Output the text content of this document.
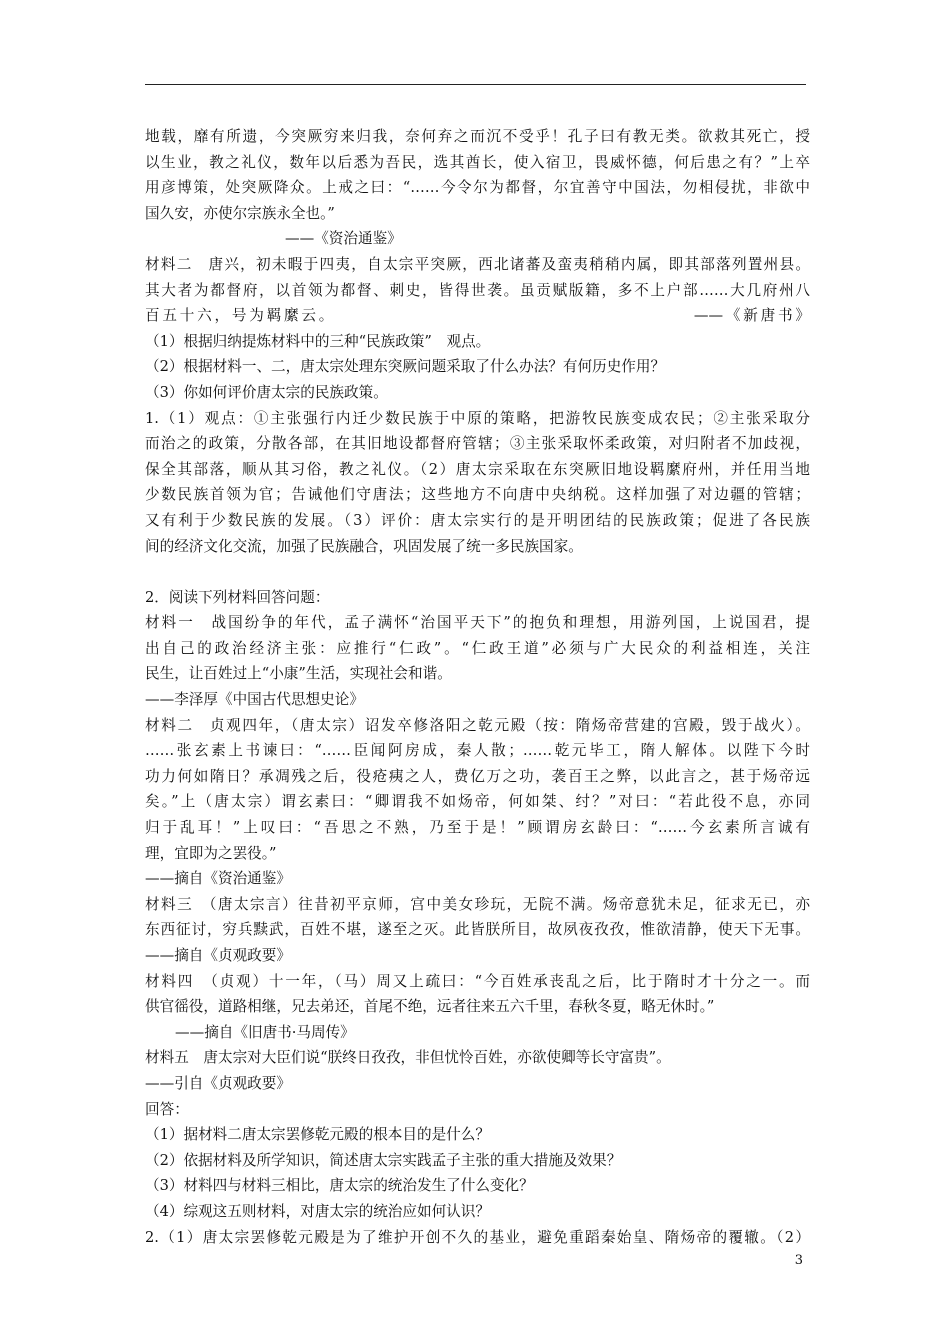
地载，靡有所遗，今突厥穷来归我，奈何弃之而沉不受乎！孔子曰有教无类。欲救其死亡，授
以生业，教之礼仪，数年以后悉为吾民，选其酋长，使入宿卫，畏威怀德，何后患之有？”上卒
用彦博策，处突厥降众。上戒之曰：“……今令尔为都督，尔宜善守中国法，勿相侵扰，非欲中
国久安，亦使尔宗族永全也。”
——《资治通鉴》
材料二　唐兴，初未暇于四夷，自太宗平突厥，西北诸蕃及蛮夷稍稍内属，即其部落列置州县。
其大者为都督府，以首领为都督、刺史，皆得世袭。虽贡赋版籍，多不上户部……大几府州八
百五十六，号为羁縻云。　　　　　　　　　　　　　　　　　　　　　——《新唐书》
（1）根据归纳提炼材料中的三种“民族政策”　观点。
（2）根据材料一、二，唐太宗处理东突厥问题采取了什么办法？有何历史作用？
（3）你如何评价唐太宗的民族政策。
1.（1）观点：①主张强行内迁少数民族于中原的策略，把游牧民族变成农民；②主张采取分
而治之的政策，分散各部，在其旧地设都督府管辖；③主张采取怀柔政策，对归附者不加歧视，
保全其部落，顺从其习俗，教之礼仪。（2）唐太宗采取在东突厥旧地设羁縻府州，并任用当地
少数民族首领为官；告诫他们守唐法；这些地方不向唐中央纳税。这样加强了对边疆的管辖；
又有利于少数民族的发展。（3）评价：唐太宗实行的是开明团结的民族政策；促进了各民族
间的经济文化交流，加强了民族融合，巩固发展了统一多民族国家。
2．阅读下列材料回答问题：
材料一　战国纷争的年代，孟子满怀“治国平天下”的抱负和理想，用游列国，上说国君，提
出自己的政治经济主张：应推行“仁政”。“仁政王道”必须与广大民众的利益相连，关注
民生，让百姓过上“小康”生活，实现社会和谐。
——李泽厚《中国古代思想史论》
材料二　贞观四年，（唐太宗）诏发卒修洛阳之乾元殿（按：隋炀帝营建的宫殿，毁于战火）。
……张玄素上书谏曰：“……臣闻阿房成，秦人散；……乾元毕工，隋人解体。以陛下今时
功力何如隋日？承凋残之后，役疮痍之人，费亿万之功，袭百王之弊，以此言之，甚于炀帝远
矣。”上（唐太宗）谓玄素曰：“卿谓我不如炀帝，何如桀、纣？”对曰：“若此役不息，亦同
归于乱耳！”上叹曰：“吾思之不熟，乃至于是！”顾谓房玄龄曰：“……今玄素所言诚有
理，宜即为之罢役。”
——摘自《资治通鉴》
材料三　（唐太宗言）往昔初平京师，宫中美女珍玩，无院不满。炀帝意犹未足，征求无已，亦
东西征讨，穷兵黩武，百姓不堪，遂至之灭。此皆朕所目，故夙夜孜孜，惟欲清静，使天下无事。
——摘自《贞观政要》
材料四　（贞观）十一年，（马）周又上疏曰：“今百姓承丧乱之后，比于隋时才十分之一。而
供官徭役，道路相继，兄去弟还，首尾不绝，远者往来五六千里，春秋冬夏，略无休时。”
——摘自《旧唐书·马周传》
材料五　唐太宗对大臣们说“朕终日孜孜，非但忧怜百姓，亦欲使卿等长守富贵”。
——引自《贞观政要》
回答：
（1）据材料二唐太宗罢修乾元殿的根本目的是什么？
（2）依据材料及所学知识，简述唐太宗实践孟子主张的重大措施及效果？
（3）材料四与材料三相比，唐太宗的统治发生了什么变化？
（4）综观这五则材料，对唐太宗的统治应如何认识？
2.（1）唐太宗罢修乾元殿是为了维护开创不久的基业，避免重蹈秦始皇、隋炀帝的覆辙。（2）
3
